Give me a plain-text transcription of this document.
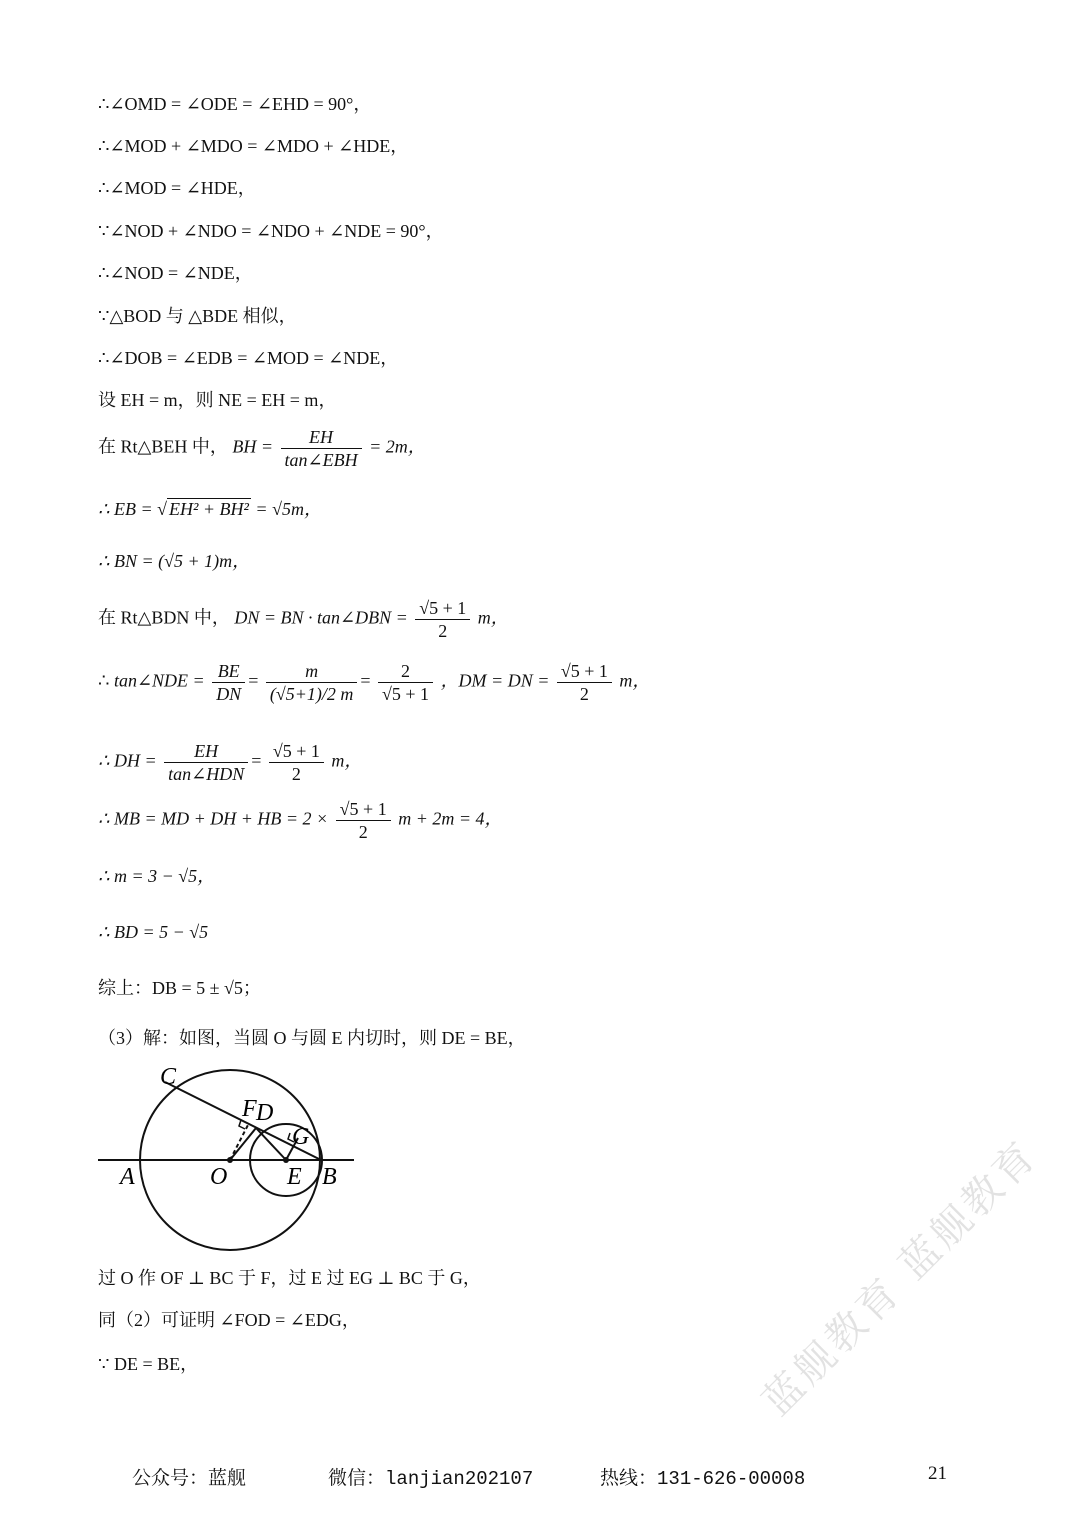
∴∠OMD = ∠ODE = ∠EHD = 90°，
∴∠MOD + ∠MDO = ∠MDO + ∠HDE，
∴∠MOD = ∠HDE，
∵∠NOD + ∠NDO = ∠NDO + ∠NDE = 90°，
∴∠NOD = ∠NDE，
∵△BOD 与 △BDE 相似，
∴∠DOB = ∠EDB = ∠MOD = ∠NDE，
设 EH = m，则 NE = EH = m，
在 Rt△BEH 中， BH = $\frac{EH}{\text{tan∠EBH}} = 2m$，
∴ EB = √ EH² + BH² = √5m，
∴ BN = (√5 + 1)m，
在 Rt△BDN 中， DN = BN · tan∠DBN = $\frac{√5 + 1}{2}$ m，
∴ tan∠NDE = $\frac{BE}{DN} = \frac{m}{(√5+1)/2 m} = \frac{2}{√5 + 1}$ ，DM = DN = $\frac{√5 + 1}{2}$ m，
∴ DH = $\frac{EH}{\text{tan∠HDN}} = \frac{√5 + 1}{2}$ m，
∴ MB = MD + DH + HB = $2 \times \frac{√5 + 1}{2}$ m + 2m = 4，
∴ m = 3 − √5，
∴ BD = 5 − √5
综上：DB = 5 ± √5；
（3）解：如图，当圆 O 与圆 E 内切时，则 DE = BE，
C
F D
G
A	O E B
过 O 作 OF ⊥ BC 于 F，过 E 过 EG ⊥ BC 于 G，
同（2）可证明 ∠FOD = ∠EDG，
∵ DE = BE，	蓝舰教育 蓝舰教育
公众号：蓝舰	微信：lanjian202107	热线：131-626-00008	21
